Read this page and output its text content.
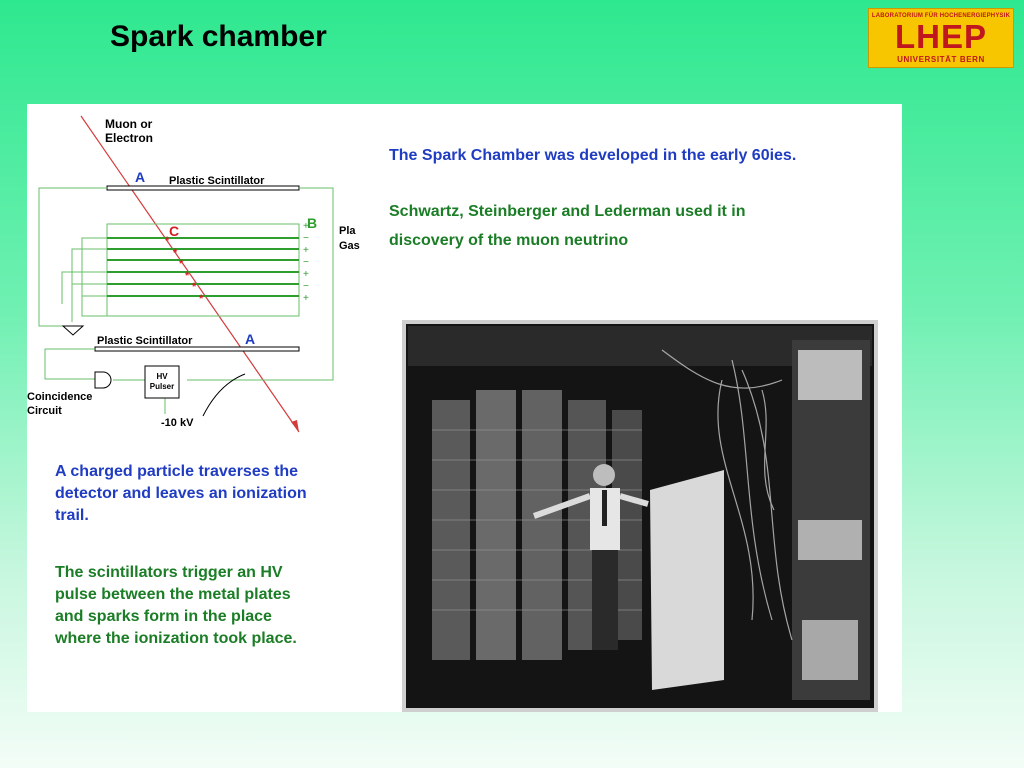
Spark chamber
LABORATORIUM FÜR HOCHENERGIEPHYSIK
LHEP
UNIVERSITÄT BERN
+
−
+
−
+
−
+
*
*
*
*
*
*
Muon or
Electron
A Plastic Scintillator
B
C	Pla
Gas
Plastic Scintillator	A
HV
Pulser
Coincidence
Circuit
-10 kV
The Spark Chamber was developed in the early 60ies.
Schwartz, Steinberger and Lederman used it in
discovery of the muon neutrino
A charged particle traverses the
detector and leaves an ionization
trail.
The scintillators trigger an HV
pulse between the metal plates
and sparks form in the place
where the ionization took place.
